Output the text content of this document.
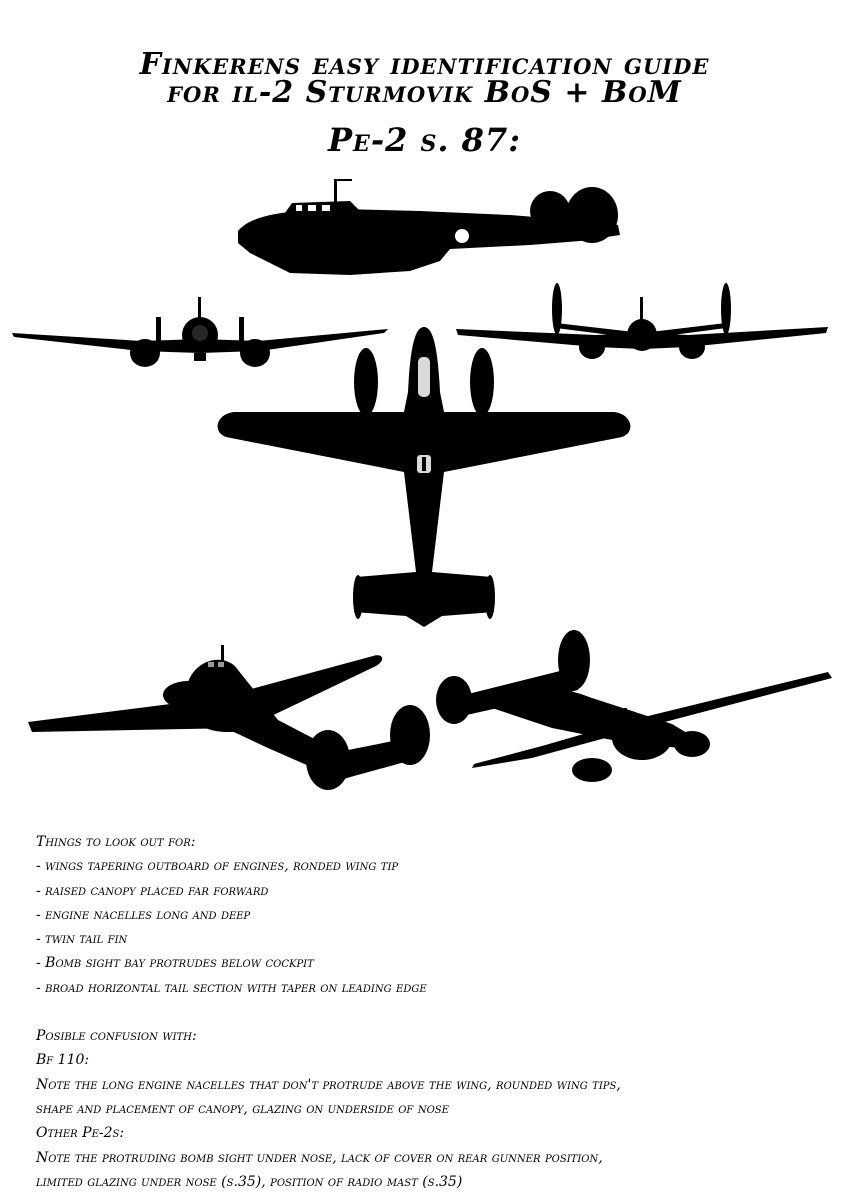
Finkerens easy identification guide
for il-2 Sturmovik BoS + BoM
Pe-2 s. 87:
Things to look out for:
- wings tapering outboard of engines, ronded wing tip
- raised canopy placed far forward
- engine nacelles long and deep
- twin tail fin
- Bomb sight bay protrudes below cockpit
- broad horizontal tail section with taper on leading edge
Posible confusion with:
Bf 110:
Note the long engine nacelles that don't protrude above the wing, rounded wing tips,
shape and placement of canopy, glazing on underside of nose
Other Pe-2s:
Note the protruding bomb sight under nose, lack of cover on rear gunner position,
limited glazing under nose (s.35), position of radio mast (s.35)
